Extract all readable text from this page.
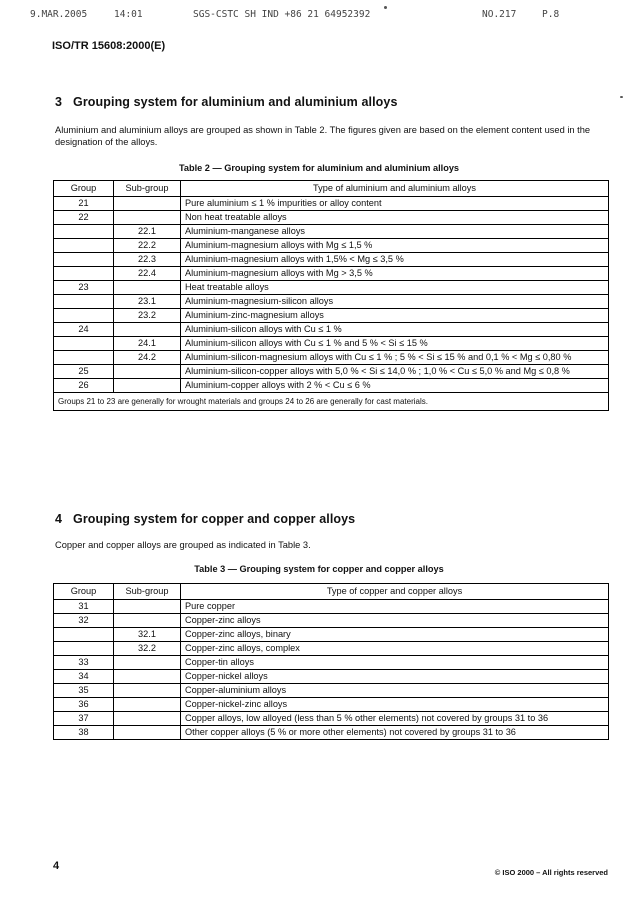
9.MAR.2005	14:01	SGS-CSTC SH IND +86 21 64952392	NO.217	P.8
ISO/TR 15608:2000(E)
3 Grouping system for aluminium and aluminium alloys
Aluminium and aluminium alloys are grouped as shown in Table 2. The figures given are based on the element content used in the designation of the alloys.
Table 2 — Grouping system for aluminium and aluminium alloys
Group	Sub-group	Type of aluminium and aluminium alloys
21		Pure aluminium ≤ 1 % impurities or alloy content
22		Non heat treatable alloys
	22.1	Aluminium-manganese alloys
	22.2	Aluminium-magnesium alloys with Mg ≤ 1,5 %
	22.3	Aluminium-magnesium alloys with 1,5% < Mg ≤ 3,5 %
	22.4	Aluminium-magnesium alloys with Mg > 3,5 %
23		Heat treatable alloys
	23.1	Aluminium-magnesium-silicon alloys
	23.2	Aluminium-zinc-magnesium alloys
24		Aluminium-silicon alloys with Cu ≤ 1 %
	24.1	Aluminium-silicon alloys with Cu ≤ 1 % and 5 % < Si ≤ 15 %
	24.2	Aluminium-silicon-magnesium alloys with Cu ≤ 1 % ; 5 % < Si ≤ 15 % and 0,1 % < Mg ≤ 0,80 %
25		Aluminium-silicon-copper alloys with 5,0 % < Si ≤ 14,0 % ; 1,0 % < Cu ≤ 5,0 % and Mg ≤ 0,8 %
26		Aluminium-copper alloys with 2 % < Cu ≤ 6 %
Groups 21 to 23 are generally for wrought materials and groups 24 to 26 are generally for cast materials.		
4 Grouping system for copper and copper alloys
Copper and copper alloys are grouped as indicated in Table 3.
Table 3 — Grouping system for copper and copper alloys
Group	Sub-group	Type of copper and copper alloys
31		Pure copper
32		Copper-zinc alloys
	32.1	Copper-zinc alloys, binary
	32.2	Copper-zinc alloys, complex
33		Copper-tin alloys
34		Copper-nickel alloys
35		Copper-aluminium alloys
36		Copper-nickel-zinc alloys
37		Copper alloys, low alloyed (less than 5 % other elements) not covered by groups 31 to 36
38		Other copper alloys (5 % or more other elements) not covered by groups 31 to 36
4
© ISO 2000 – All rights reserved
